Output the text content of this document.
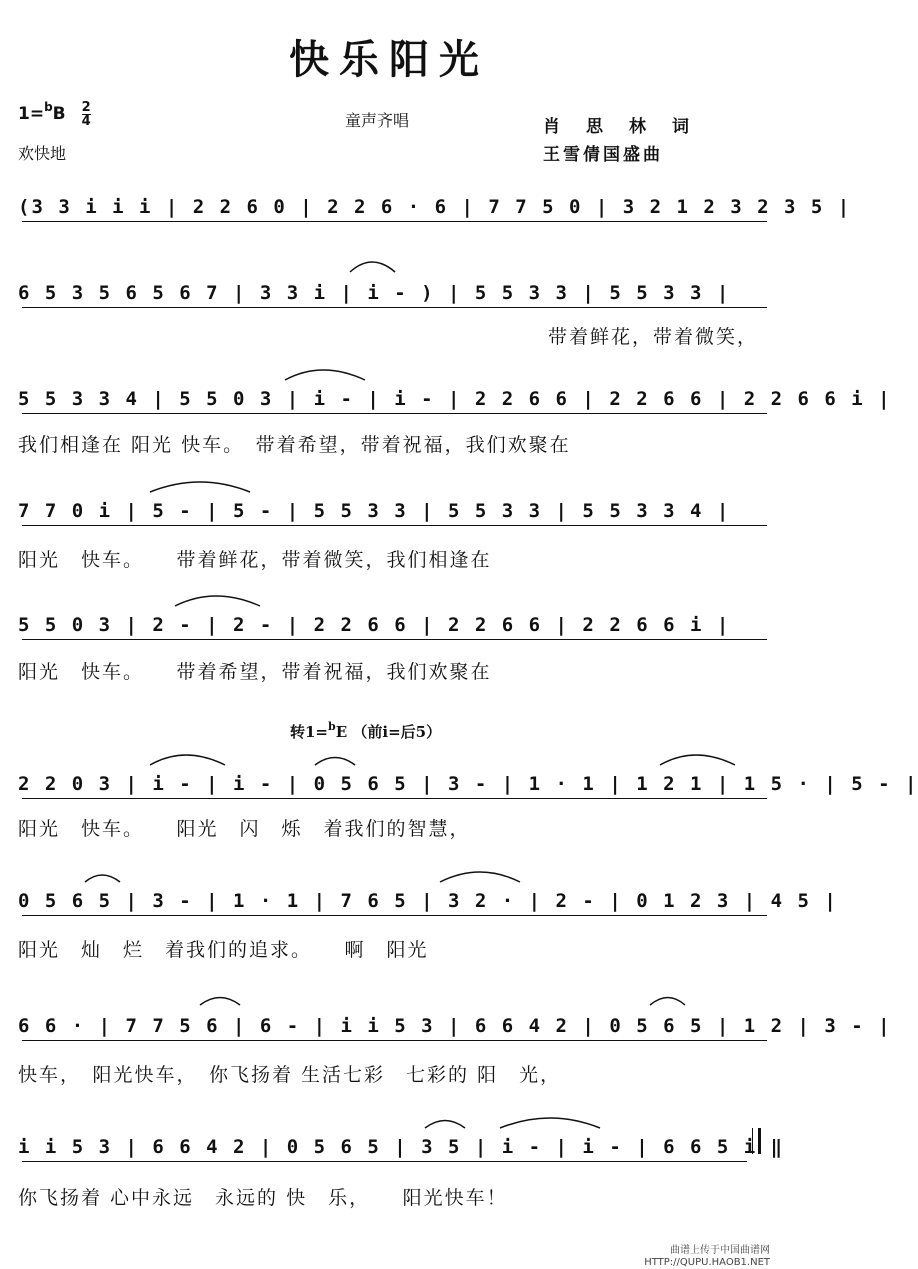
快乐阳光
$1=^bB \frac{2}{4}$
欢快地
童声齐唱	肖思林词
王雪倩国盛曲
(3 3 i i i | 2 2 6 0 | 2 2 6 · 6 | 7 7 5 0 | 3 2 1 2 3 2 3 5 |
6 5 3 5 6 5 6 7 | 3 3 i | i - ) | 5 5 3 3 | 5 5 3 3 |
带着鲜花，带着微笑，
5 5 3 3 4 | 5 5 0 3 | i - | i - | 2 2 6 6 | 2 2 6 6 | 2 2 6 6 i |
我们相逢在 阳光 快车。　带着希望，带着祝福，我们欢聚在
7 7 0 i | 5 - | 5 - | 5 5 3 3 | 5 5 3 3 | 5 5 3 3 4 |
阳光　快车。　　带着鲜花，带着微笑，我们相逢在
5 5 0 3 | 2 - | 2 - | 2 2 6 6 | 2 2 6 6 | 2 2 6 6 i |
阳光　快车。　　带着希望，带着祝福，我们欢聚在
转1=$^b$E （前i=后5）
2 2 0 3 | i - | i - | 0 5 6 5 | 3 - | 1 · 1 | 1 2 1 | 1 5 · | 5 - |
阳光　快车。　　阳光　闪　烁　着我们的智慧，
0 5 6 5 | 3 - | 1 · 1 | 7 6 5 | 3 2 · | 2 - | 0 1 2 3 | 4 5 |
阳光　灿　烂　着我们的追求。　　啊　阳光
6 6 · | 7 7 5 6 | 6 - | i i 5 3 | 6 6 4 2 | 0 5 6 5 | 1 2 | 3 - |
快车，　阳光快车，　你飞扬着 生活七彩　七彩的 阳　光，
i i 5 3 | 6 6 4 2 | 0 5 6 5 | 3 5 | i - | i - | 6 6 5 i ‖
你飞扬着 心中永远　永远的 快　乐，　　阳光快车！
曲谱上传于中国曲谱网
HTTP://QUPU.HAOB1.NET
